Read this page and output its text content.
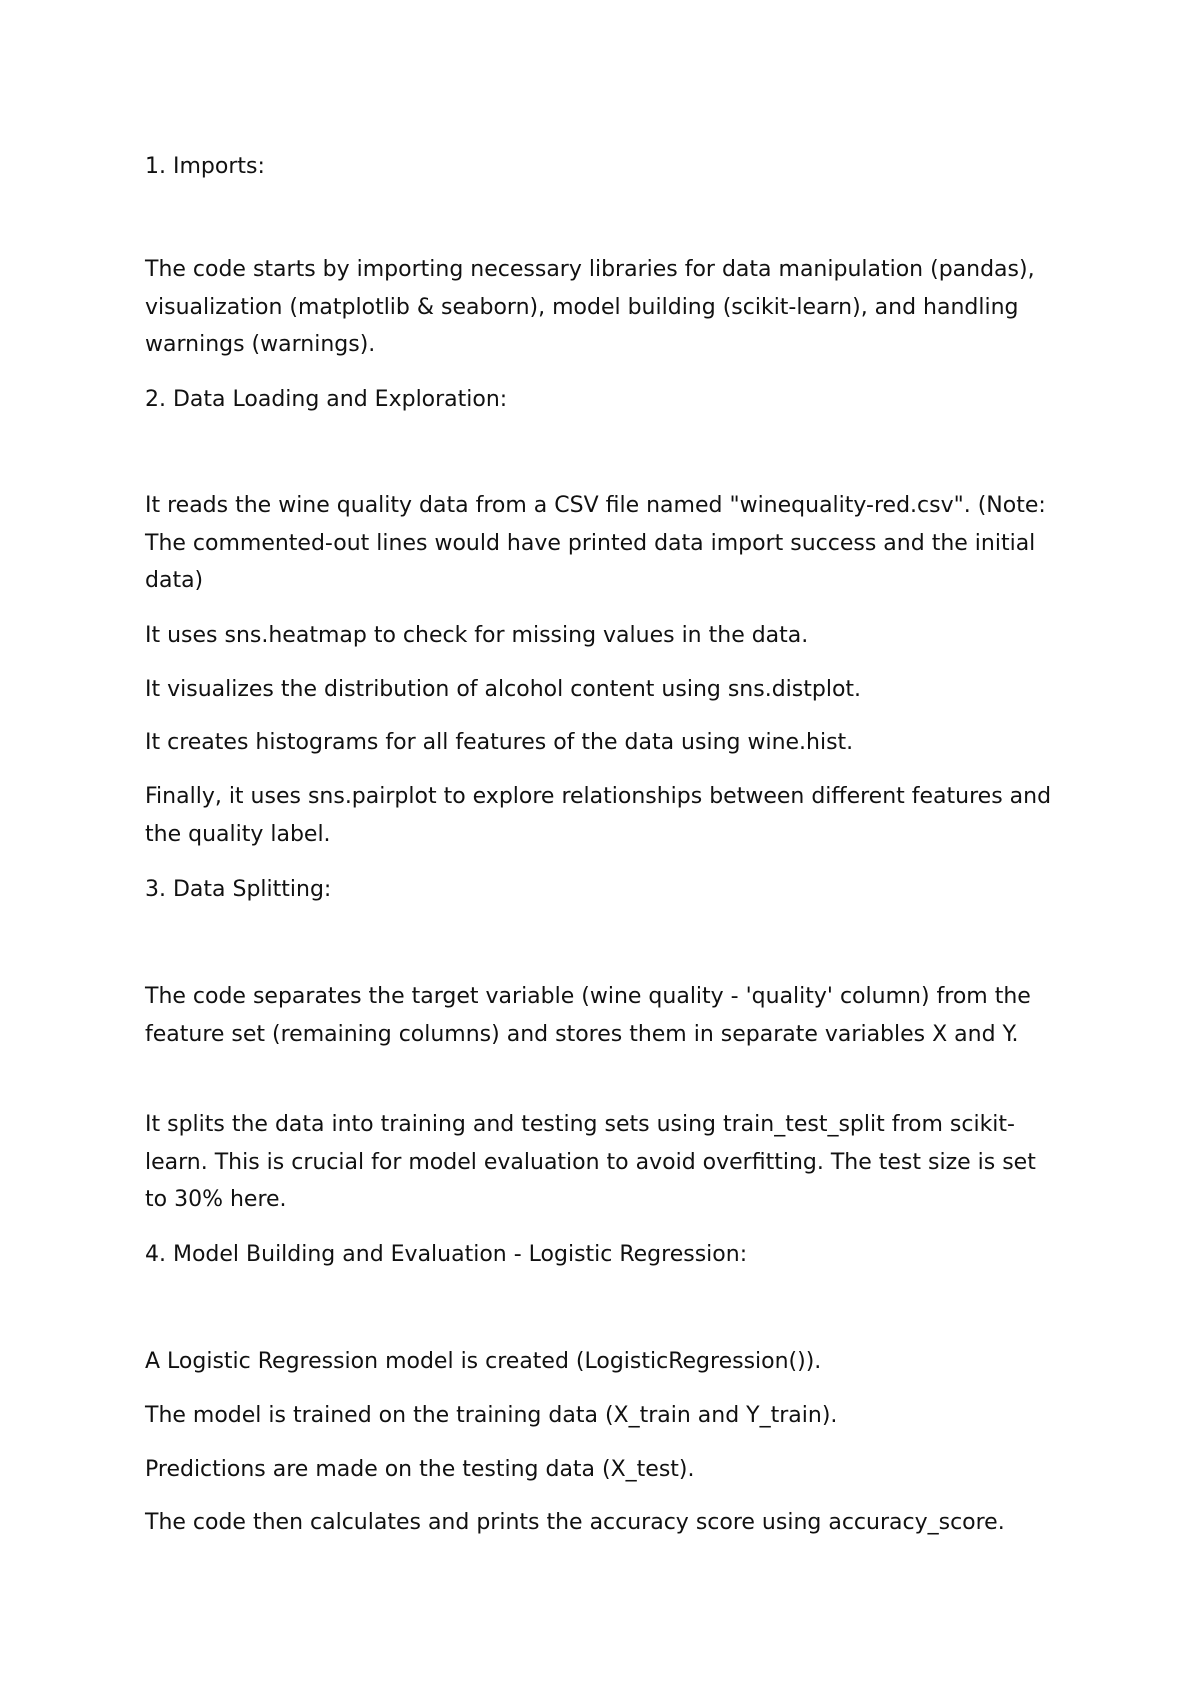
1. Imports:

The code starts by importing necessary libraries for data manipulation (pandas), visualization (matplotlib & seaborn), model building (scikit-learn), and handling warnings (warnings).

2. Data Loading and Exploration:

It reads the wine quality data from a CSV file named "winequality-red.csv". (Note: The commented-out lines would have printed data import success and the initial data)

It uses sns.heatmap to check for missing values in the data.

It visualizes the distribution of alcohol content using sns.distplot.

It creates histograms for all features of the data using wine.hist.

Finally, it uses sns.pairplot to explore relationships between different features and the quality label.

3. Data Splitting:

The code separates the target variable (wine quality - 'quality' column) from the feature set (remaining columns) and stores them in separate variables X and Y.

It splits the data into training and testing sets using train_test_split from scikit-learn. This is crucial for model evaluation to avoid overfitting. The test size is set to 30% here.

4. Model Building and Evaluation - Logistic Regression:

A Logistic Regression model is created (LogisticRegression()).

The model is trained on the training data (X_train and Y_train).

Predictions are made on the testing data (X_test).

The code then calculates and prints the accuracy score using accuracy_score.
